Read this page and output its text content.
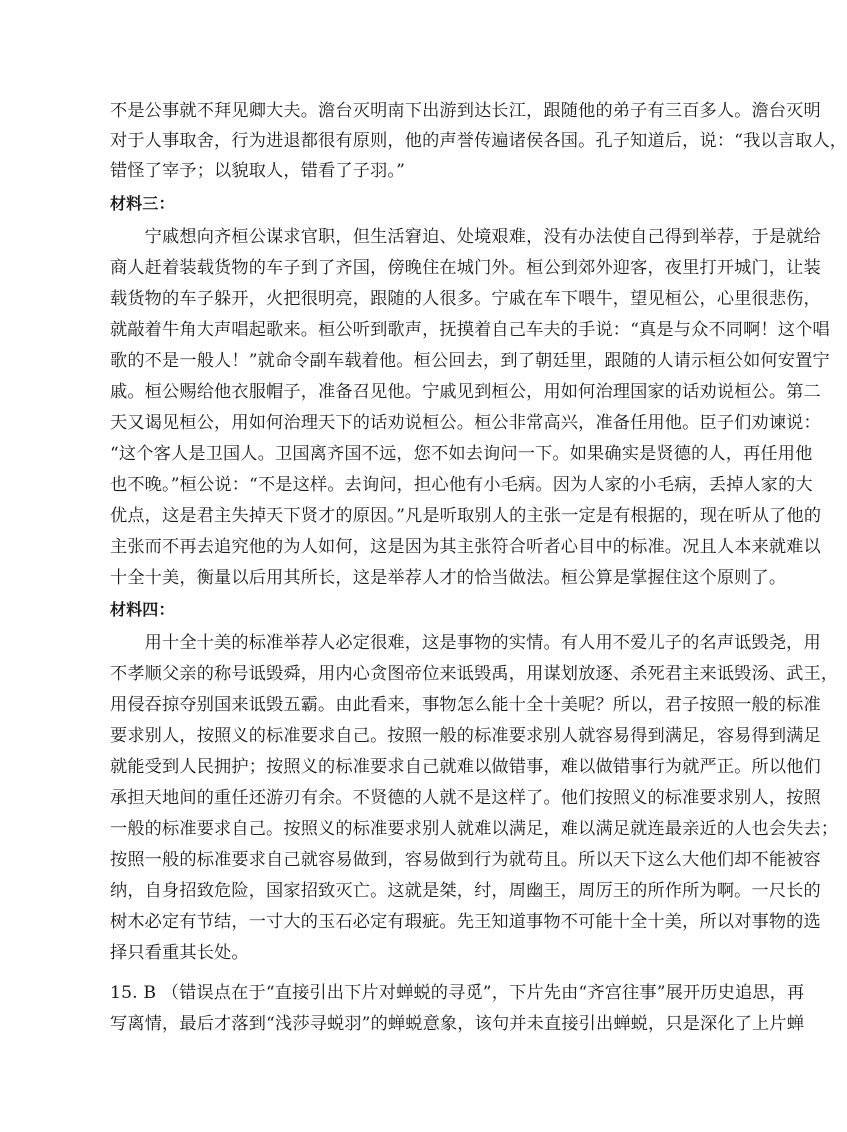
不是公事就不拜见卿大夫。澹台灭明南下出游到达长江，跟随他的弟子有三百多人。澹台灭明
对于人事取舍，行为进退都很有原则，他的声誉传遍诸侯各国。孔子知道后，说：“我以言取人，
错怪了宰予；以貌取人，错看了子羽。”
材料三：
　　宁戚想向齐桓公谋求官职，但生活窘迫、处境艰难，没有办法使自己得到举荐，于是就给
商人赶着装载货物的车子到了齐国，傍晚住在城门外。桓公到郊外迎客，夜里打开城门，让装
载货物的车子躲开，火把很明亮，跟随的人很多。宁戚在车下喂牛，望见桓公，心里很悲伤，
就敲着牛角大声唱起歌来。桓公听到歌声，抚摸着自己车夫的手说：“真是与众不同啊！这个唱
歌的不是一般人！”就命令副车载着他。桓公回去，到了朝廷里，跟随的人请示桓公如何安置宁
戚。桓公赐给他衣服帽子，准备召见他。宁戚见到桓公，用如何治理国家的话劝说桓公。第二
天又谒见桓公，用如何治理天下的话劝说桓公。桓公非常高兴，准备任用他。臣子们劝谏说：
“这个客人是卫国人。卫国离齐国不远，您不如去询问一下。如果确实是贤德的人，再任用他
也不晚。”桓公说：“不是这样。去询问，担心他有小毛病。因为人家的小毛病，丢掉人家的大
优点，这是君主失掉天下贤才的原因。”凡是听取别人的主张一定是有根据的，现在听从了他的
主张而不再去追究他的为人如何，这是因为其主张符合听者心目中的标准。况且人本来就难以
十全十美，衡量以后用其所长，这是举荐人才的恰当做法。桓公算是掌握住这个原则了。
材料四：
　　用十全十美的标准举荐人必定很难，这是事物的实情。有人用不爱儿子的名声诋毁尧，用
不孝顺父亲的称号诋毁舜，用内心贪图帝位来诋毁禹，用谋划放逐、杀死君主来诋毁汤、武王，
用侵吞掠夺别国来诋毁五霸。由此看来，事物怎么能十全十美呢？所以，君子按照一般的标准
要求别人，按照义的标准要求自己。按照一般的标准要求别人就容易得到满足，容易得到满足
就能受到人民拥护；按照义的标准要求自己就难以做错事，难以做错事行为就严正。所以他们
承担天地间的重任还游刃有余。不贤德的人就不是这样了。他们按照义的标准要求别人，按照
一般的标准要求自己。按照义的标准要求别人就难以满足，难以满足就连最亲近的人也会失去；
按照一般的标准要求自己就容易做到，容易做到行为就苟且。所以天下这么大他们却不能被容
纳，自身招致危险，国家招致灭亡。这就是桀，纣，周幽王，周厉王的所作所为啊。一尺长的
树木必定有节结，一寸大的玉石必定有瑕疵。先王知道事物不可能十全十美，所以对事物的选
择只看重其长处。
15. B （错误点在于“直接引出下片对蝉蜕的寻觅”，下片先由“齐宫往事”展开历史追思，再
写离情，最后才落到“浅莎寻蜕羽”的蝉蜕意象，该句并未直接引出蝉蜕，只是深化了上片蝉
